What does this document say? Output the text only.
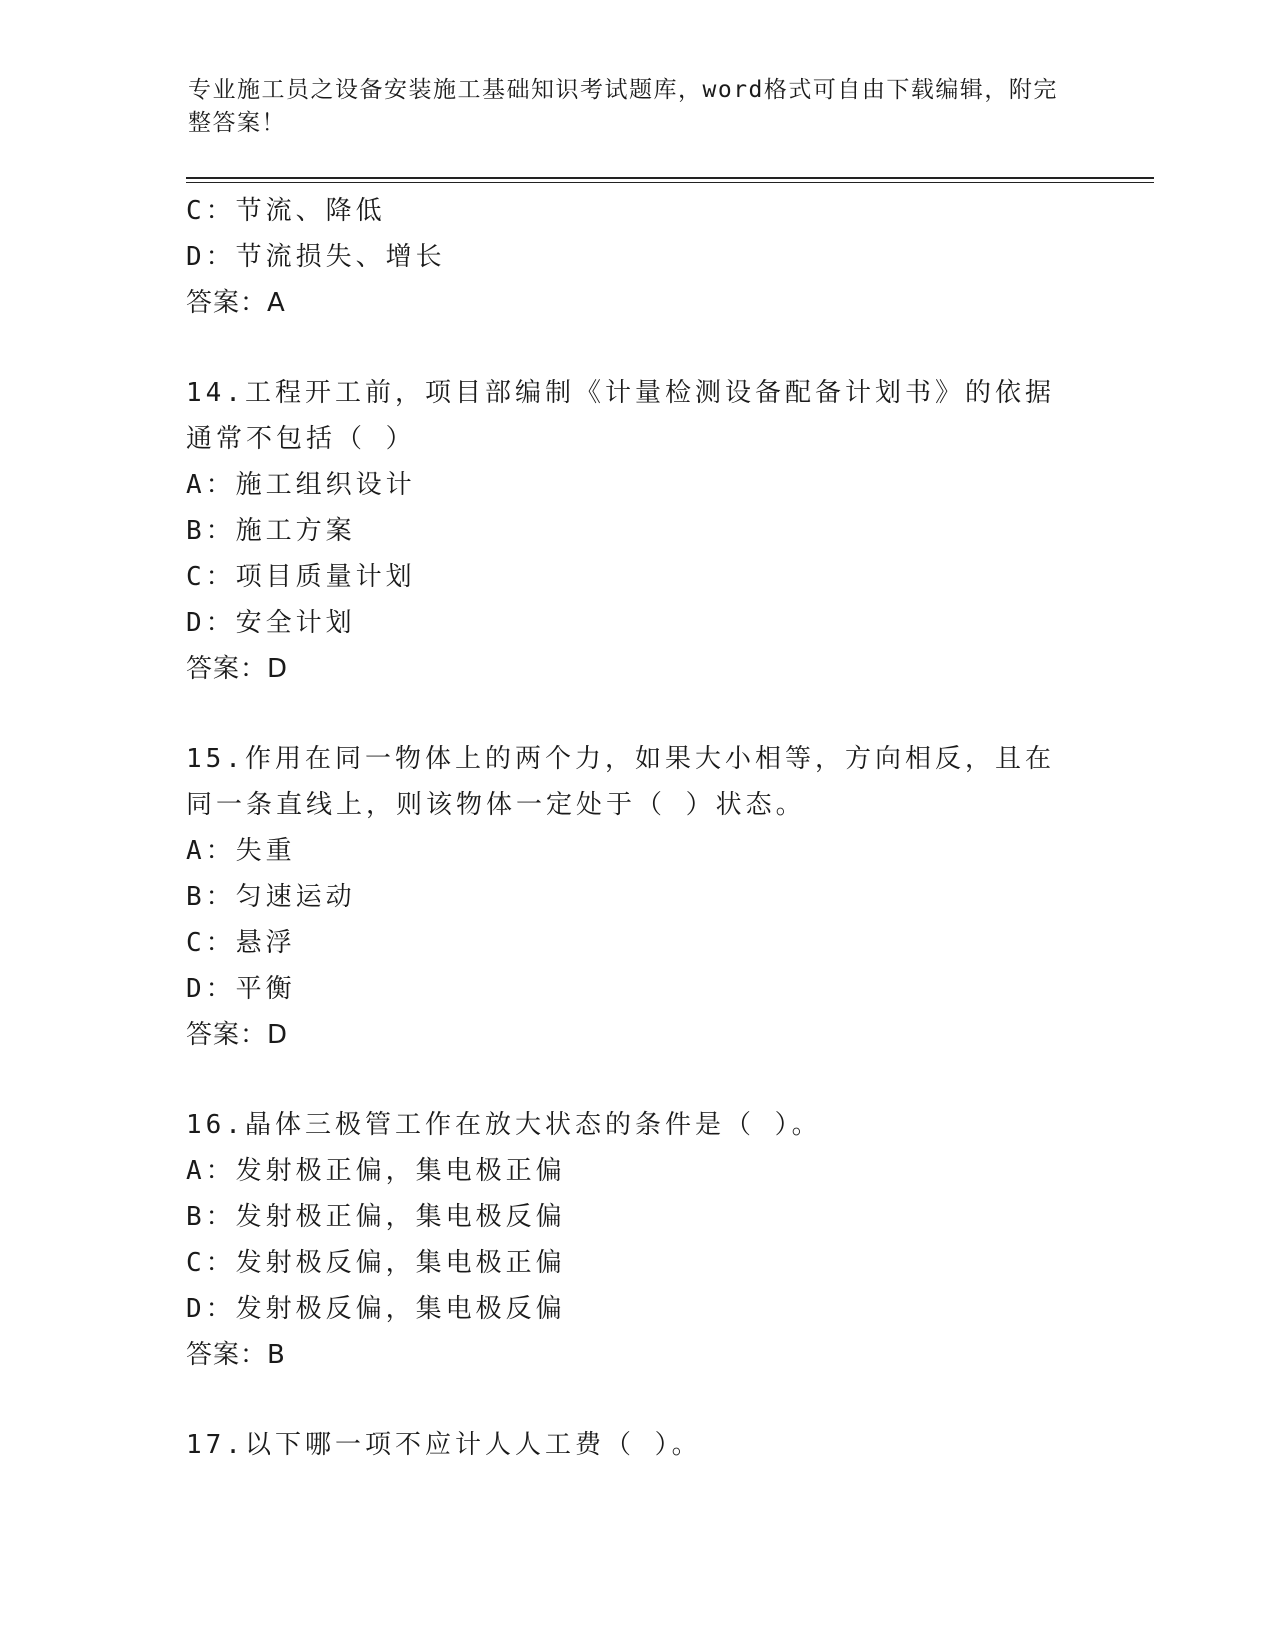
专业施工员之设备安装施工基础知识考试题库，word格式可自由下载编辑，附完整答案！
C：节流、降低
D：节流损失、增长
答案：A
14.工程开工前，项目部编制《计量检测设备配备计划书》的依据通常不包括（ ）
A：施工组织设计
B：施工方案
C：项目质量计划
D：安全计划
答案：D
15.作用在同一物体上的两个力，如果大小相等，方向相反，且在同一条直线上，则该物体一定处于（ ）状态。
A：失重
B：匀速运动
C：悬浮
D：平衡
答案：D
16.晶体三极管工作在放大状态的条件是（ ）。
A：发射极正偏，集电极正偏
B：发射极正偏，集电极反偏
C：发射极反偏，集电极正偏
D：发射极反偏，集电极反偏
答案：B
17.以下哪一项不应计人人工费（ ）。
